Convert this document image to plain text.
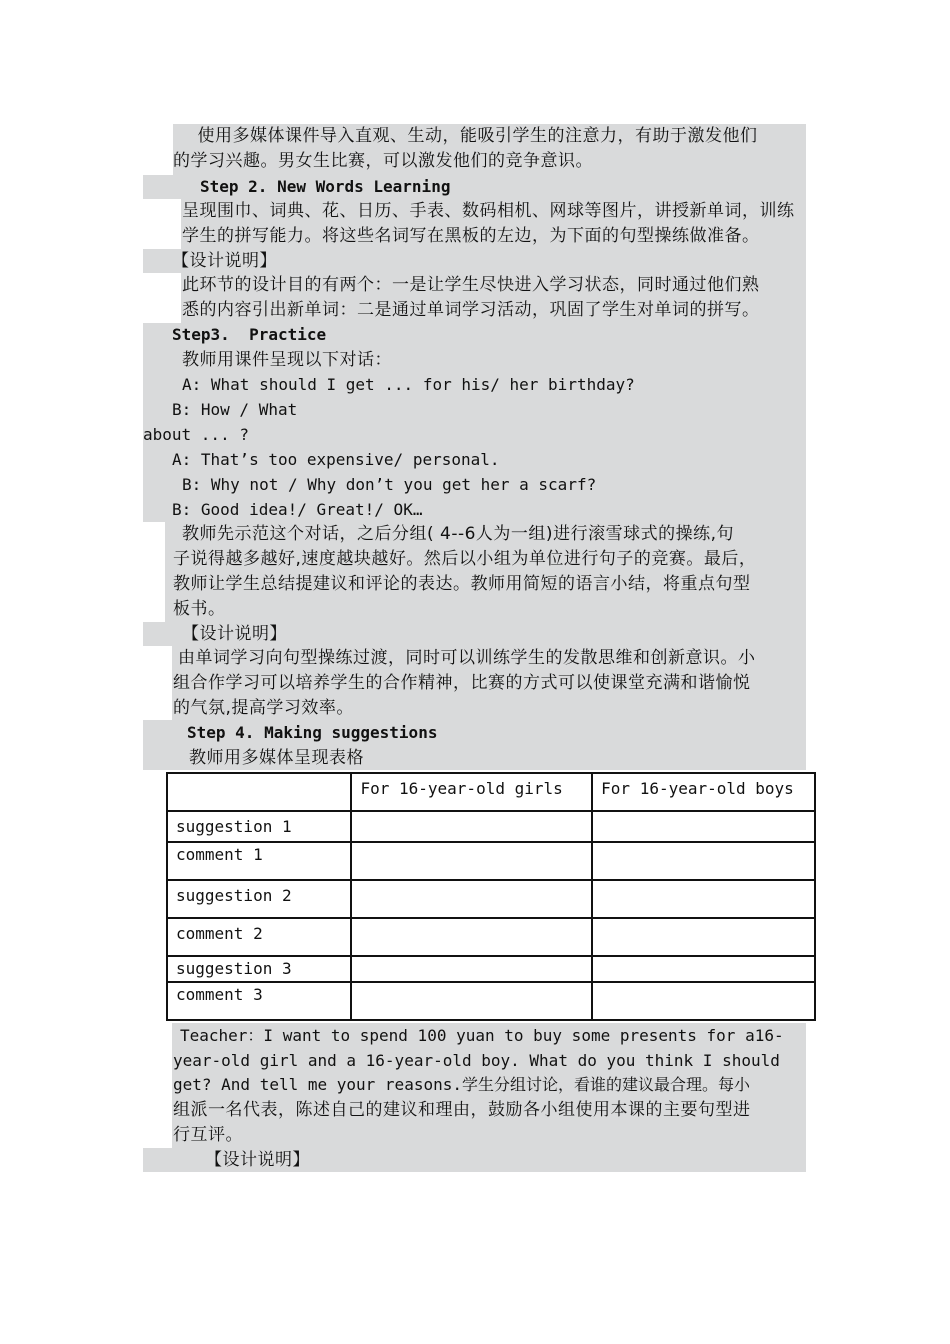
　使用多媒体课件导入直观、生动，能吸引学生的注意力，有助于激发他们
的学习兴趣。男女生比赛，可以激发他们的竞争意识。
Step 2. New Words Learning
呈现围巾、词典、花、日历、手表、数码相机、网球等图片，讲授新单词，训练
学生的拼写能力。将这些名词写在黑板的左边，为下面的句型操练做准备。
【设计说明】
此环节的设计目的有两个：一是让学生尽快进入学习状态，同时通过他们熟
悉的内容引出新单词：二是通过单词学习活动，巩固了学生对单词的拼写。
Step3.  Practice
教师用课件呈现以下对话：
A: What should I get ... for his/ her birthday?
B: How / What
about ... ?
A: That’s too expensive/ personal.
B: Why not / Why don’t you get her a scarf?
B: Good idea!/ Great!/ OK…
教师先示范这个对话，之后分组( 4--6人为一组)进行滚雪球式的操练,句
子说得越多越好,速度越块越好。然后以小组为单位进行句子的竞赛。最后，
教师让学生总结提建议和评论的表达。教师用简短的语言小结，将重点句型
板书。
【设计说明】
由单词学习向句型操练过渡，同时可以训练学生的发散思维和创新意识。小
组合作学习可以培养学生的合作精神，比赛的方式可以使课堂充满和谐愉悦
的气氛,提高学习效率。
Step 4. Making suggestions
教师用多媒体呈现表格
	For 16-year-old girls	For 16-year-old boys
suggestion 1		
comment 1		
suggestion 2		
comment 2		
suggestion 3		
comment 3		
Teacher：I want to spend 100 yuan to buy some presents for a16-
year-old girl and a 16-year-old boy. What do you think I should
get? And tell me your reasons.学生分组讨论，看谁的建议最合理。每小
组派一名代表，陈述自己的建议和理由，鼓励各小组使用本课的主要句型进
行互评。
【设计说明】
